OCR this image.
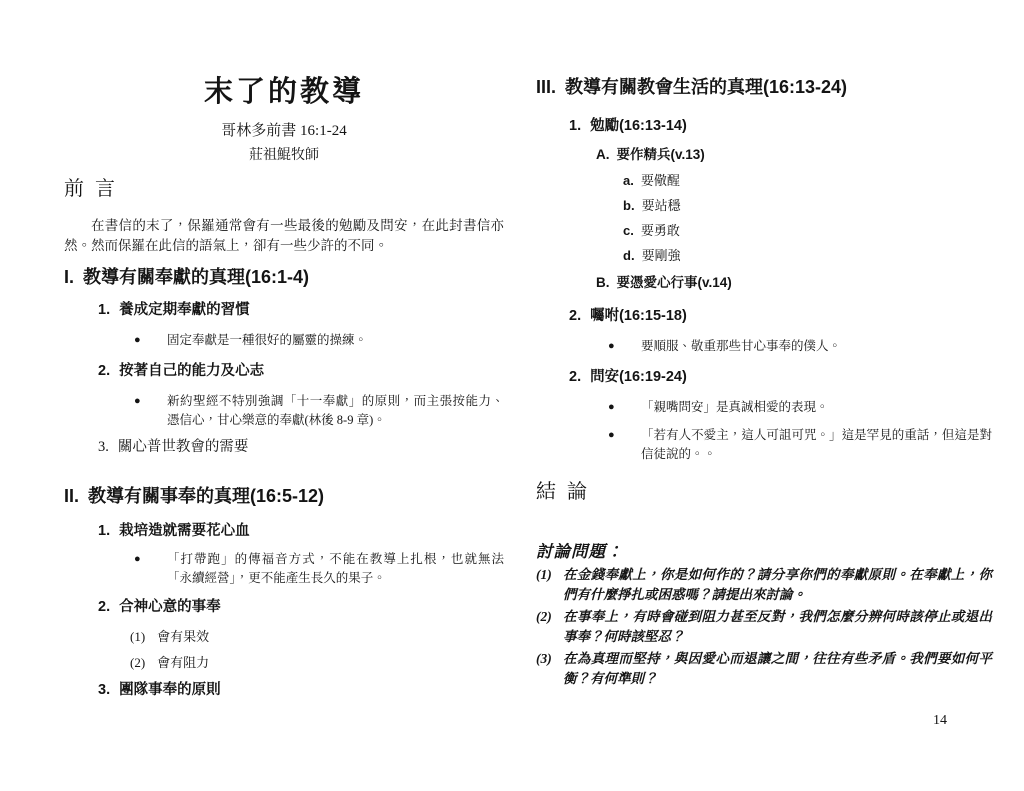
末了的教導
哥林多前書 16:1-24
莊祖鯤牧師
前 言
在書信的末了，保羅通常會有一些最後的勉勵及問安，在此封書信亦然。然而保羅在此信的語氣上，卻有一些少許的不同。
I. 教導有關奉獻的真理(16:1-4)
1. 養成定期奉獻的習慣
●	固定奉獻是一種很好的屬靈的操練。
2. 按著自己的能力及心志
●	新約聖經不特別強調「十一奉獻」的原則，而主張按能力、憑信心，甘心樂意的奉獻(林後 8-9 章)。
3. 關心普世教會的需要
II. 教導有關事奉的真理(16:5-12)
1. 栽培造就需要花心血
●	「打帶跑」的傳福音方式，不能在教導上扎根，也就無法「永續經營」，更不能產生長久的果子。
2. 合神心意的事奉
(1) 會有果效
(2) 會有阻力
3. 團隊事奉的原則
III. 教導有關教會生活的真理(16:13-24)
1. 勉勵(16:13-14)
A. 要作精兵(v.13)
a. 要儆醒
b. 要站穩
c. 要勇敢
d. 要剛強
B. 要憑愛心行事(v.14)
2. 囑咐(16:15-18)
●	要順服、敬重那些甘心事奉的僕人。
2. 問安(16:19-24)
●	「親嘴問安」是真誠相愛的表現。
●	「若有人不愛主，這人可詛可咒。」這是罕見的重話，但這是對信徒說的。。
結 論
討論問題：
(1) 在金錢奉獻上，你是如何作的？請分享你們的奉獻原則。在奉獻上，你們有什麼掙扎或困惑嗎？請提出來討論。
(2) 在事奉上，有時會碰到阻力甚至反對，我們怎麼分辨何時該停止或退出事奉？何時該堅忍？
(3) 在為真理而堅持，與因愛心而退讓之間，往往有些矛盾。我們要如何平衡？有何準則？
14
